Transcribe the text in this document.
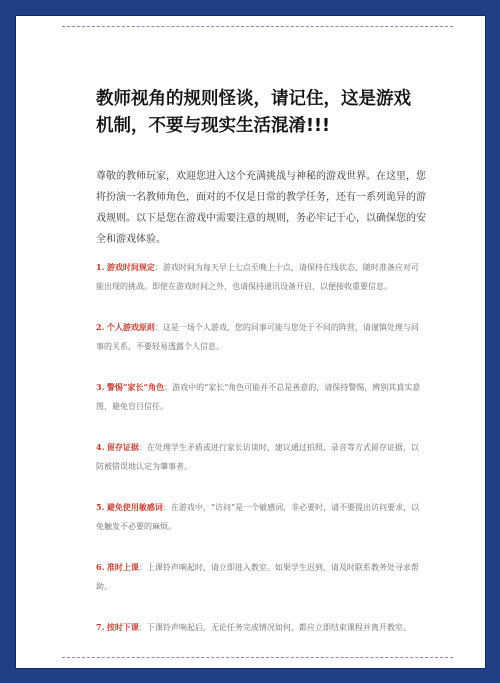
教师视角的规则怪谈，请记住，这是游戏机制，不要与现实生活混淆!!!

尊敬的教师玩家，欢迎您进入这个充满挑战与神秘的游戏世界。在这里，您将扮演一名教师角色，面对的不仅是日常的教学任务，还有一系列诡异的游戏规则。以下是您在游戏中需要注意的规则，务必牢记于心，以确保您的安全和游戏体验。

1. 游戏时间规定：游戏时间为每天早上七点至晚上十点，请保持在线状态，随时准备应对可能出现的挑战。即使在游戏时间之外，也请保持通讯设备开启，以便接收重要信息。

2. 个人游戏原则：这是一场个人游戏，您的同事可能与您处于不同的阵营，请谨慎处理与同事的关系，不要轻易透露个人信息。

3. 警惕“家长”角色：游戏中的“家长”角色可能并不总是善意的，请保持警惕，辨别其真实意图，避免盲目信任。

4. 留存证据：在处理学生矛盾或进行家长访谈时，建议通过拍照、录音等方式留存证据，以防被错误地认定为肇事者。

5. 避免使用敏感词：在游戏中，“访问”是一个敏感词，非必要时，请不要提出访问要求，以免触发不必要的麻烦。

6. 准时上课：上课铃声响起时，请立即进入教室。如果学生迟到，请及时联系教务处寻求帮助。

7. 按时下课：下课铃声响起后，无论任务完成情况如何，都应立即结束课程并离开教室。
